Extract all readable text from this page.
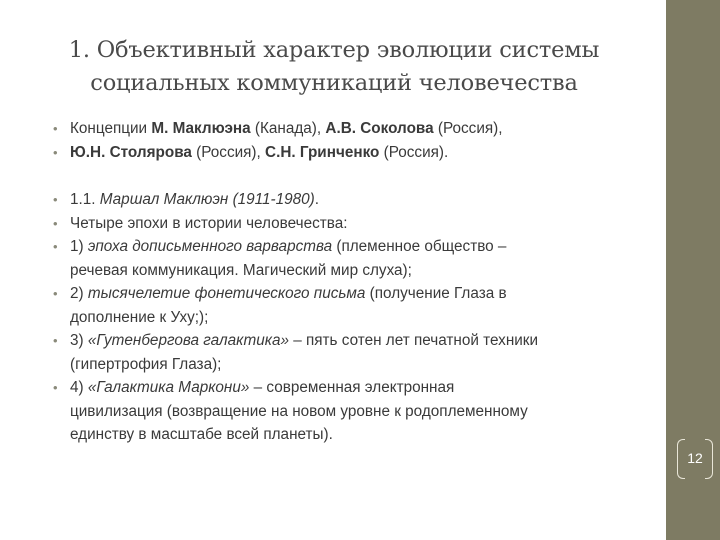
1. Объективный характер эволюции системы
социальных коммуникаций человечества
• Концепции М. Маклюэна (Канада), А.В. Соколова (Россия),
• Ю.Н. Столярова (Россия), С.Н. Гринченко (Россия).
• 1.1. Маршал Маклюэн (1911-1980).
• Четыре эпохи в истории человечества:
• 1) эпоха дописьменного варварства (племенное общество –
речевая коммуникация. Магический мир слуха);
• 2) тысячелетие фонетического письма (получение Глаза в
дополнение к Уху;);
• 3) «Гутенбергова галактика» – пять сотен лет печатной техники
(гипертрофия Глаза);
• 4) «Галактика Маркони» – современная электронная
цивилизация (возвращение на новом уровне к родоплеменному
единству в масштабе всей планеты).
12
